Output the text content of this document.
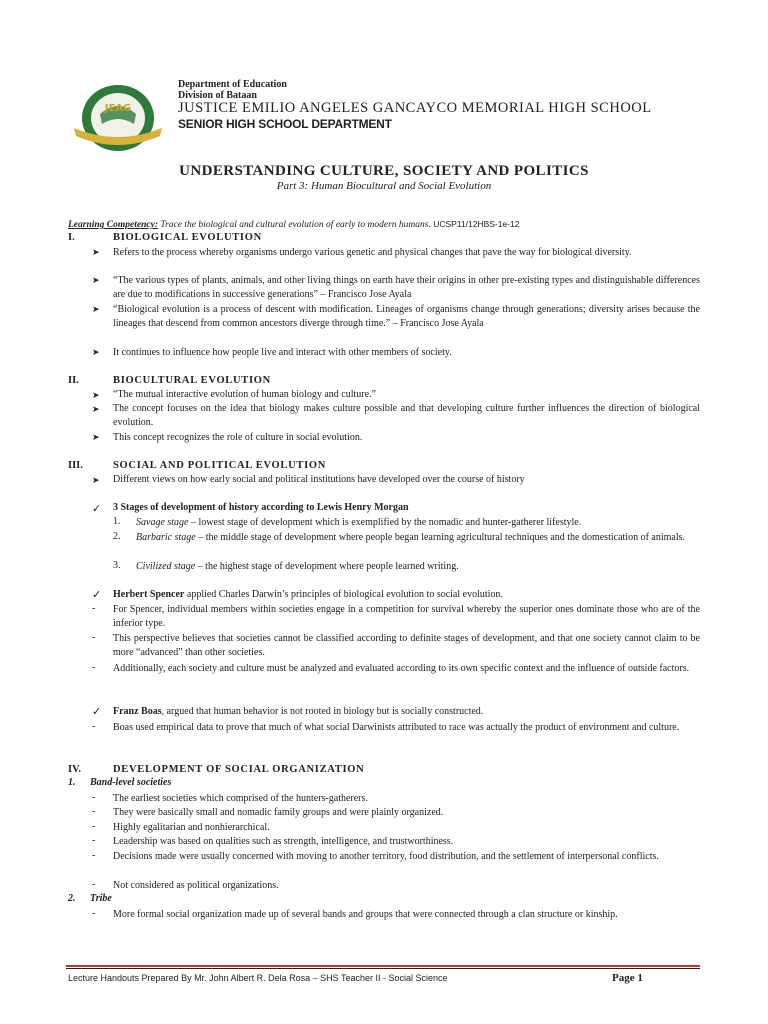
JEAG
Department of Education
Division of Bataan
JUSTICE EMILIO ANGELES GANCAYCO MEMORIAL HIGH SCHOOL
SENIOR HIGH SCHOOL DEPARTMENT
UNDERSTANDING CULTURE, SOCIETY AND POLITICS
Part 3: Human Biocultural and Social Evolution
Learning Competency: Trace the biological and cultural evolution of early to modern humans. UCSP11/12HBS-1e-12
I.	BIOLOGICAL EVOLUTION
➤ Refers to the process whereby organisms undergo various genetic and physical changes that pave the way for biological diversity.
➤ “The various types of plants, animals, and other living things on earth have their origins in other pre-existing types and distinguishable differences are due to modifications in successive generations” – Francisco Jose Ayala
➤ “Biological evolution is a process of descent with modification. Lineages of organisms change through generations; diversity arises because the lineages that descend from common ancestors diverge through time.” – Francisco Jose Ayala
➤ It continues to influence how people live and interact with other members of society.
II.	BIOCULTURAL EVOLUTION
➤ “The mutual interactive evolution of human biology and culture.”
➤ The concept focuses on the idea that biology makes culture possible and that developing culture further influences the direction of biological evolution.
➤ This concept recognizes the role of culture in social evolution.
III.	SOCIAL AND POLITICAL EVOLUTION
➤ Different views on how early social and political institutions have developed over the course of history
✓ 3 Stages of development of history according to Lewis Henry Morgan
1. Savage stage – lowest stage of development which is exemplified by the nomadic and hunter-gatherer lifestyle.
2. Barbaric stage – the middle stage of development where people began learning agricultural techniques and the domestication of animals.
3. Civilized stage – the highest stage of development where people learned writing.
✓ Herbert Spencer applied Charles Darwin’s principles of biological evolution to social evolution.
- For Spencer, individual members within societies engage in a competition for survival whereby the superior ones dominate those who are of the inferior type.
- This perspective believes that societies cannot be classified according to definite stages of development, and that one society cannot claim to be more “advanced” than other societies.
- Additionally, each society and culture must be analyzed and evaluated according to its own specific context and the influence of outside factors.
✓ Franz Boas, argued that human behavior is not rooted in biology but is socially constructed.
- Boas used empirical data to prove that much of what social Darwinists attributed to race was actually the product of environment and culture.
IV.	DEVELOPMENT OF SOCIAL ORGANIZATION
1. Band-level societies
- The earliest societies which comprised of the hunters-gatherers.
- They were basically small and nomadic family groups and were plainly organized.
- Highly egalitarian and nonhierarchical.
- Leadership was based on qualities such as strength, intelligence, and trustworthiness.
- Decisions made were usually concerned with moving to another territory, food distribution, and the settlement of interpersonal conflicts.
- Not considered as political organizations.
2. Tribe
- More formal social organization made up of several bands and groups that were connected through a clan structure or kinship.
Lecture Handouts Prepared By Mr. John Albert R. Dela Rosa – SHS Teacher II - Social Science	Page 1
